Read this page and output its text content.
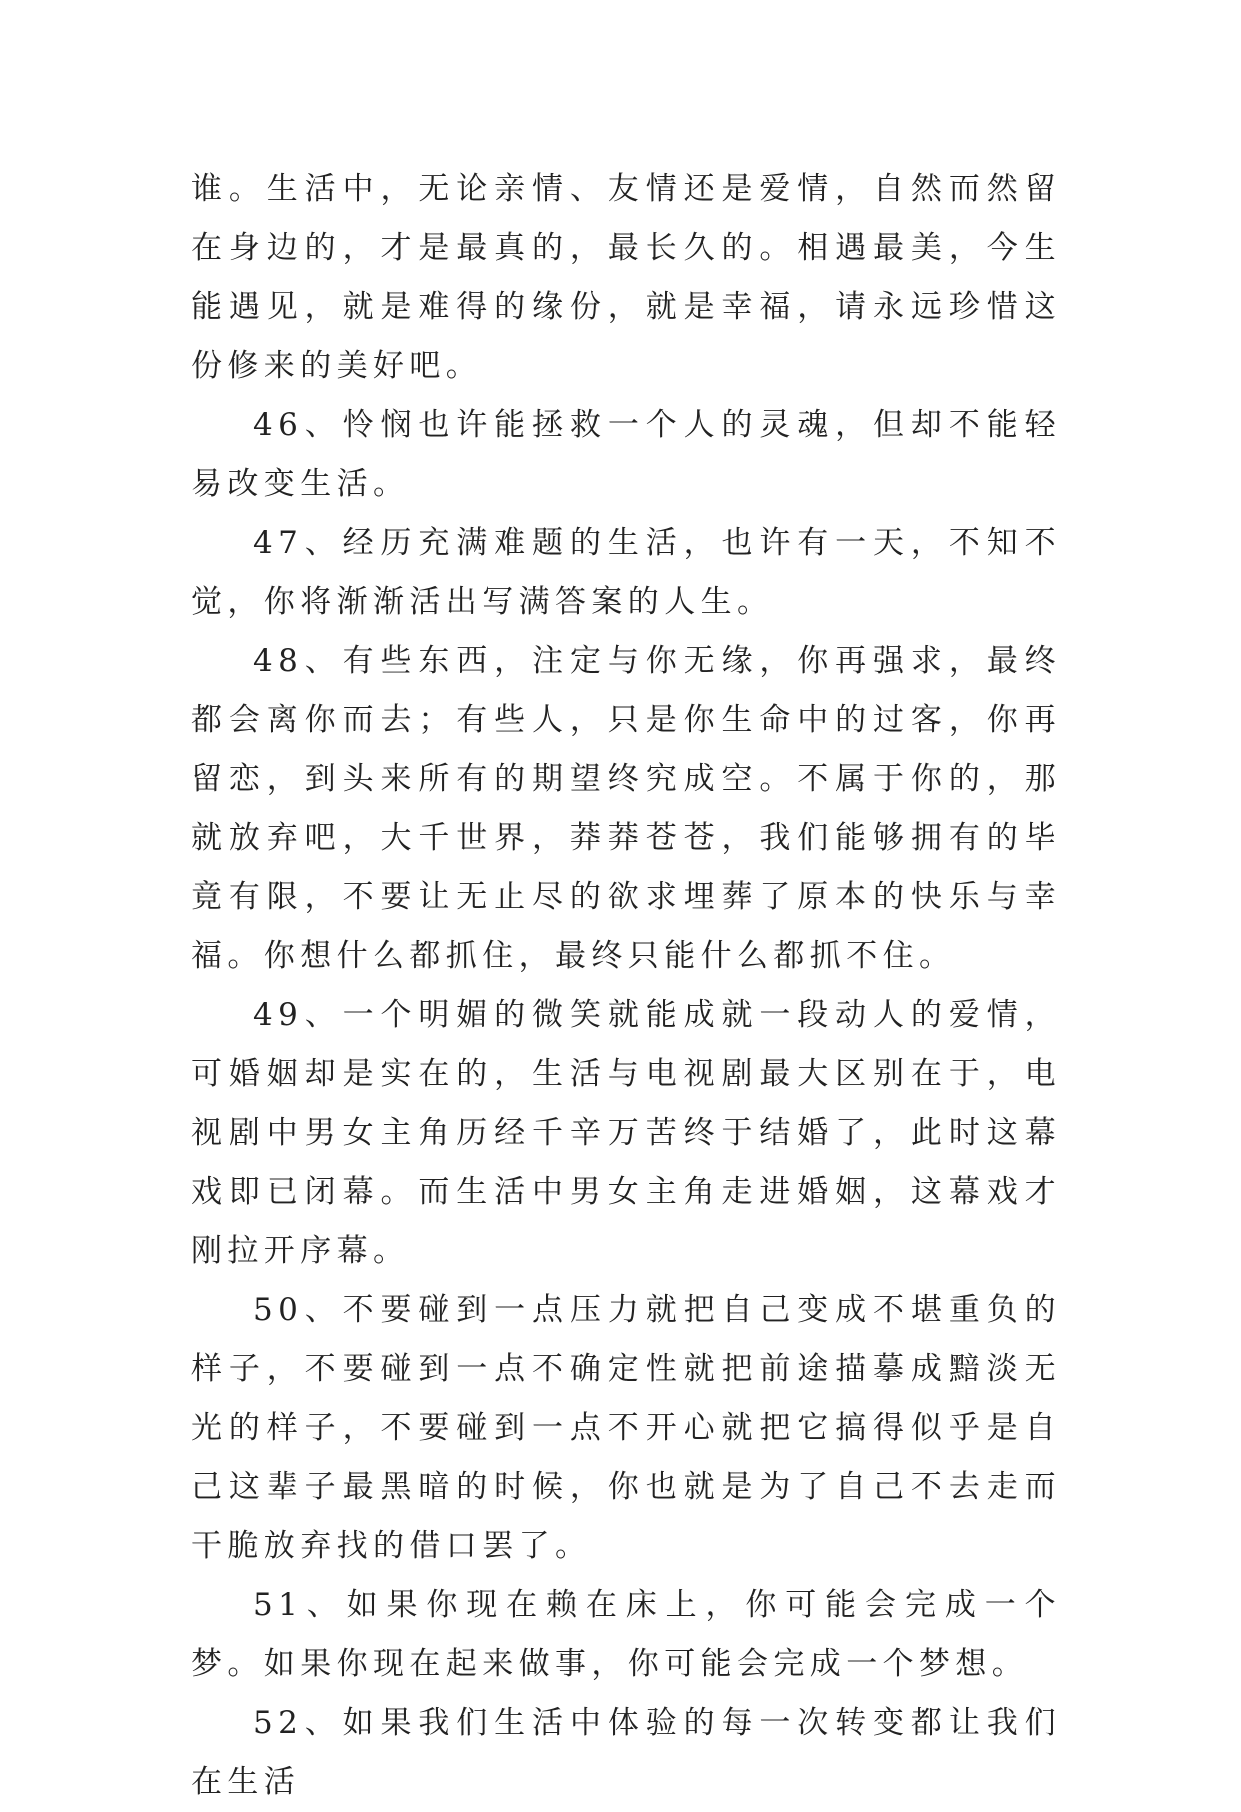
谁。生活中，无论亲情、友情还是爱情，自然而然留在身边的，才是最真的，最长久的。相遇最美，今生能遇见，就是难得的缘份，就是幸福，请永远珍惜这份修来的美好吧。

46、怜悯也许能拯救一个人的灵魂，但却不能轻易改变生活。

47、经历充满难题的生活，也许有一天，不知不觉，你将渐渐活出写满答案的人生。

48、有些东西，注定与你无缘，你再强求，最终都会离你而去；有些人，只是你生命中的过客，你再留恋，到头来所有的期望终究成空。不属于你的，那就放弃吧，大千世界，莽莽苍苍，我们能够拥有的毕竟有限，不要让无止尽的欲求埋葬了原本的快乐与幸福。你想什么都抓住，最终只能什么都抓不住。

49、一个明媚的微笑就能成就一段动人的爱情，可婚姻却是实在的，生活与电视剧最大区别在于，电视剧中男女主角历经千辛万苦终于结婚了，此时这幕戏即已闭幕。而生活中男女主角走进婚姻，这幕戏才刚拉开序幕。

50、不要碰到一点压力就把自己变成不堪重负的样子，不要碰到一点不确定性就把前途描摹成黯淡无光的样子，不要碰到一点不开心就把它搞得似乎是自己这辈子最黑暗的时候，你也就是为了自己不去走而干脆放弃找的借口罢了。

51、如果你现在赖在床上，你可能会完成一个梦。如果你现在起来做事，你可能会完成一个梦想。

52、如果我们生活中体验的每一次转变都让我们在生活
